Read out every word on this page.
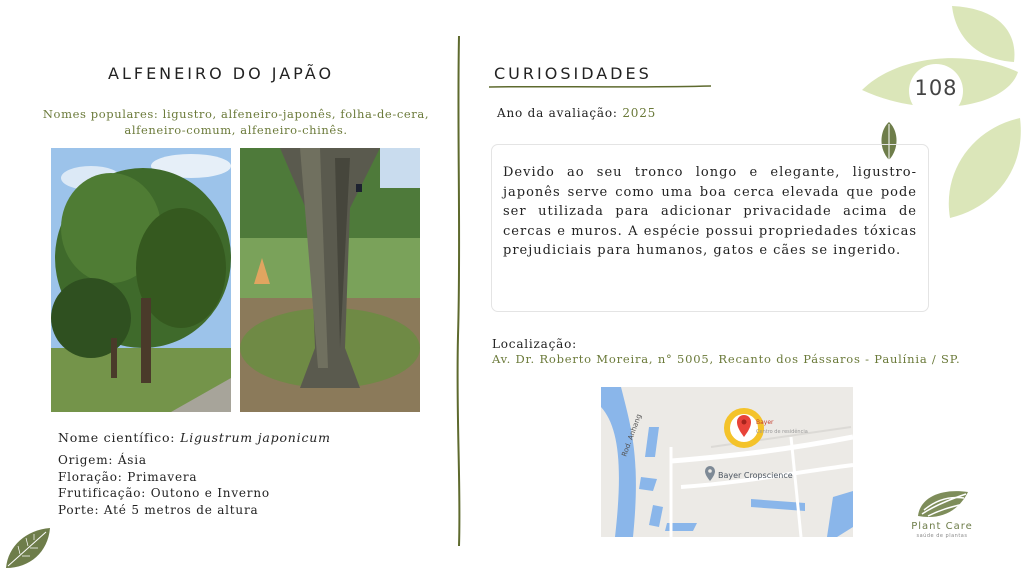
108
ALFENEIRO DO JAPÃO
Nomes populares: ligustro, alfeneiro-japonês, folha-de-cera, alfeneiro-comum, alfeneiro-chinês.
Nome científico: Ligustrum japonicum
Origem: Ásia
Floração: Primavera
Frutificação: Outono e Inverno
Porte: Até 5 metros de altura
CURIOSIDADES
Ano da avaliação: 2025

Devido ao seu tronco longo e elegante, ligustro-japonês serve como uma boa cerca elevada que pode ser utilizada para adicionar privacidade acima de cercas e muros. A espécie possui propriedades tóxicas prejudiciais para humanos, gatos e cães se ingerido.

Localização:
Av. Dr. Roberto Moreira, n° 5005, Recanto dos Pássaros - Paulínia / SP.
Rod. Anhang	Bayer
Centro de residência
Bayer Cropscience
Plant Care
saúde de plantas
